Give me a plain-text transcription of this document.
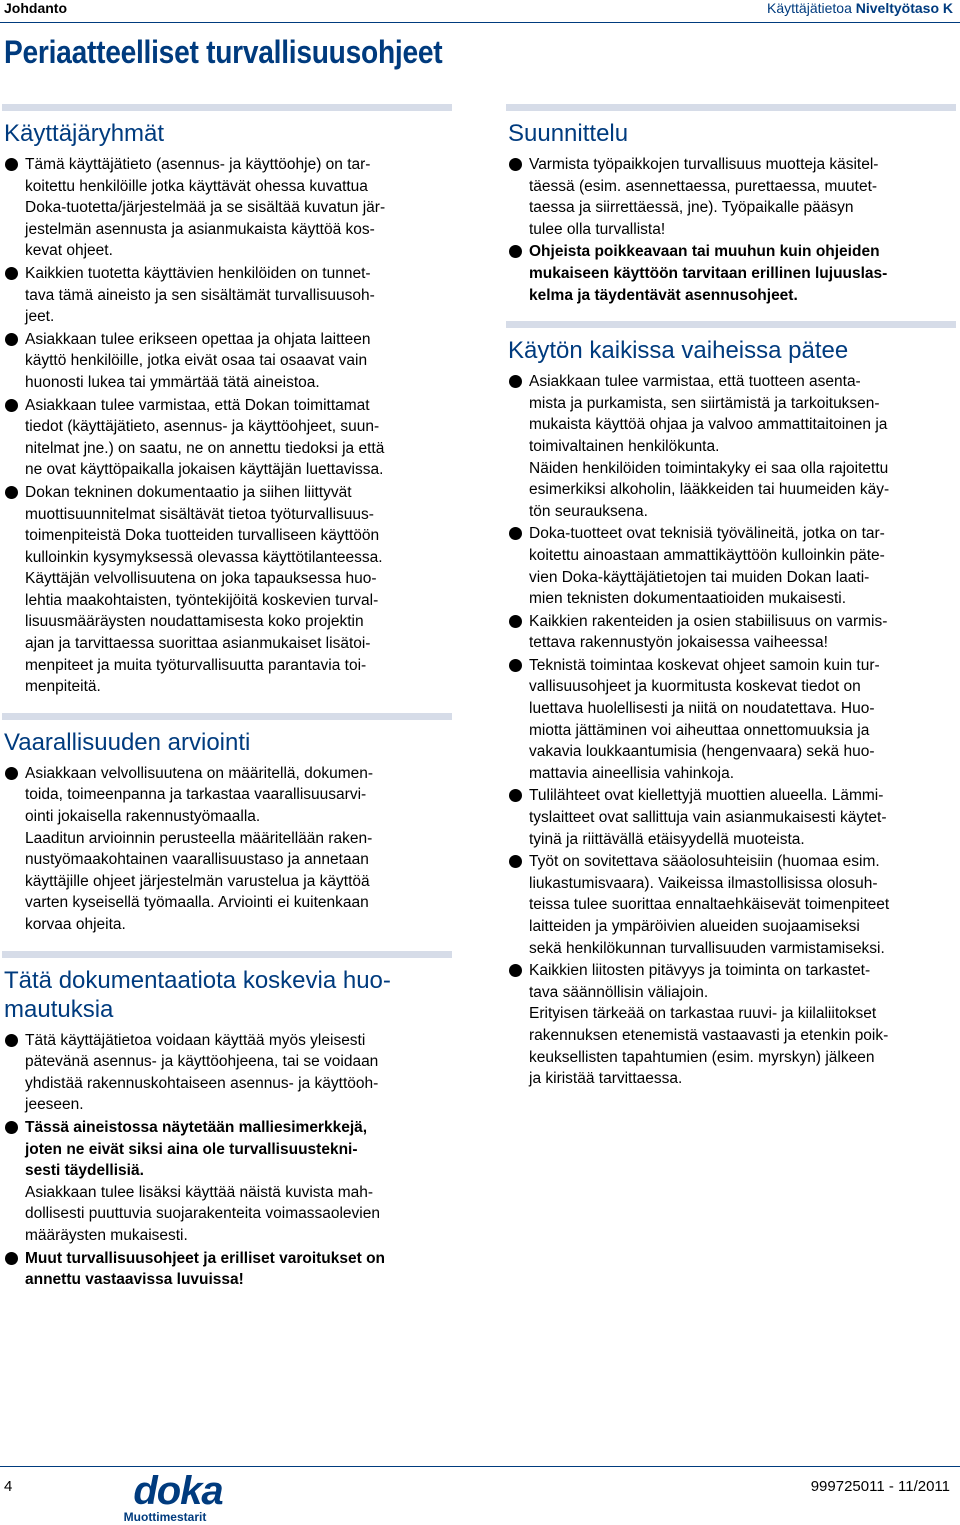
Johdanto	Käyttäjätietoa Niveltyötaso K
Periaatteelliset turvallisuusohjeet
Käyttäjäryhmät

Tämä käyttäjätieto (asennus- ja käyttöohje) on tar-
koitettu henkilöille jotka käyttävät ohessa kuvattua
Doka-tuotetta/järjestelmää ja se sisältää kuvatun jär-
jestelmän asennusta ja asianmukaista käyttöä kos-
kevat ohjeet.

Kaikkien tuotetta käyttävien henkilöiden on tunnet-
tava tämä aineisto ja sen sisältämät turvallisuusoh-
jeet.

Asiakkaan tulee erikseen opettaa ja ohjata laitteen
käyttö henkilöille, jotka eivät osaa tai osaavat vain
huonosti lukea tai ymmärtää tätä aineistoa.

Asiakkaan tulee varmistaa, että Dokan toimittamat
tiedot (käyttäjätieto, asennus- ja käyttöohjeet, suun-
nitelmat jne.) on saatu, ne on annettu tiedoksi ja että
ne ovat käyttöpaikalla jokaisen käyttäjän luettavissa.

Dokan tekninen dokumentaatio ja siihen liittyvät
muottisuunnitelmat sisältävät tietoa työturvallisuus-
toimenpiteistä Doka tuotteiden turvalliseen käyttöön
kulloinkin kysymyksessä olevassa käyttötilanteessa.
Käyttäjän velvollisuutena on joka tapauksessa huo-
lehtia maakohtaisten, työntekijöitä koskevien turval-
lisuusmääräysten noudattamisesta koko projektin
ajan ja tarvittaessa suorittaa asianmukaiset lisätoi-
menpiteet ja muita työturvallisuutta parantavia toi-
menpiteitä.

Vaarallisuuden arviointi

Asiakkaan velvollisuutena on määritellä, dokumen-
toida, toimeenpanna ja tarkastaa vaarallisuusarvi-
ointi jokaisella rakennustyömaalla.
Laaditun arvioinnin perusteella määritellään raken-
nustyömaakohtainen vaarallisuustaso ja annetaan
käyttäjille ohjeet järjestelmän varustelua ja käyttöä
varten kyseisellä työmaalla. Arviointi ei kuitenkaan
korvaa ohjeita.

Tätä dokumentaatiota koskevia huo-
mautuksia

Tätä käyttäjätietoa voidaan käyttää myös yleisesti
pätevänä asennus- ja käyttöohjeena, tai se voidaan
yhdistää rakennuskohtaiseen asennus- ja käyttöoh-
jeeseen.

Tässä aineistossa näytetään malliesimerkkejä,
joten ne eivät siksi aina ole turvallisuustekni-
sesti täydellisiä.

Asiakkaan tulee lisäksi käyttää näistä kuvista mah-
dollisesti puuttuvia suojarakenteita voimassaolevien
määräysten mukaisesti.

Muut turvallisuusohjeet ja erilliset varoitukset on
annettu vastaavissa luvuissa!

Suunnittelu

Varmista työpaikkojen turvallisuus muotteja käsitel-
täessä (esim. asennettaessa, purettaessa, muutet-
taessa ja siirrettäessä, jne). Työpaikalle pääsyn
tulee olla turvallista!

Ohjeista poikkeavaan tai muuhun kuin ohjeiden
mukaiseen käyttöön tarvitaan erillinen lujuuslas-
kelma ja täydentävät asennusohjeet.

Käytön kaikissa vaiheissa pätee

Asiakkaan tulee varmistaa, että tuotteen asenta-
mista ja purkamista, sen siirtämistä ja tarkoituksen-
mukaista käyttöä ohjaa ja valvoo ammattitaitoinen ja
toimivaltainen henkilökunta.
Näiden henkilöiden toimintakyky ei saa olla rajoitettu
esimerkiksi alkoholin, lääkkeiden tai huumeiden käy-
tön seurauksena.

Doka-tuotteet ovat teknisiä työvälineitä, jotka on tar-
koitettu ainoastaan ammattikäyttöön kulloinkin päte-
vien Doka-käyttäjätietojen tai muiden Dokan laati-
mien teknisten dokumentaatioiden mukaisesti.

Kaikkien rakenteiden ja osien stabiilisuus on varmis-
tettava rakennustyön jokaisessa vaiheessa!

Teknistä toimintaa koskevat ohjeet samoin kuin tur-
vallisuusohjeet ja kuormitusta koskevat tiedot on
luettava huolellisesti ja niitä on noudatettava. Huo-
miotta jättäminen voi aiheuttaa onnettomuuksia ja
vakavia loukkaantumisia (hengenvaara) sekä huo-
mattavia aineellisia vahinkoja.

Tulilähteet ovat kiellettyjä muottien alueella. Lämmi-
tyslaitteet ovat sallittuja vain asianmukaisesti käytet-
tyinä ja riittävällä etäisyydellä muoteista.

Työt on sovitettava sääolosuhteisiin (huomaa esim.
liukastumisvaara). Vaikeissa ilmastollisissa olosuh-
teissa tulee suorittaa ennaltaehkäisevät toimenpiteet
laitteiden ja ympäröivien alueiden suojaamiseksi
sekä henkilökunnan turvallisuuden varmistamiseksi.

Kaikkien liitosten pitävyys ja toiminta on tarkastet-
tava säännöllisin väliajoin.
Erityisen tärkeää on tarkastaa ruuvi- ja kiilaliitokset
rakennuksen etenemistä vastaavasti ja etenkin poik-
keuksellisten tapahtumien (esim. myrskyn) jälkeen
ja kiristää tarvittaessa.

4	doka
Muottimestarit
999725011 - 11/2011
